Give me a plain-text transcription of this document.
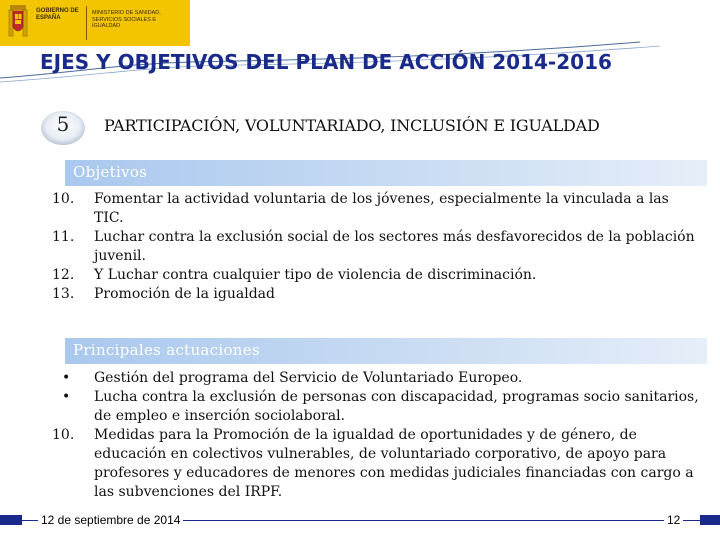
GOBIERNO DE ESPAÑA
MINISTERIO DE SANIDAD, SERVICIOS SOCIALES E IGUALDAD
EJES Y OBJETIVOS DEL PLAN DE ACCIÓN 2014-2016
5	PARTICIPACIÓN, VOLUNTARIADO, INCLUSIÓN E IGUALDAD
Objetivos
10.	Fomentar la actividad voluntaria de los jóvenes, especialmente la vinculada a las TIC.
11.	Luchar contra la exclusión social de los sectores más desfavorecidos de la población juvenil.
12.	Y Luchar contra cualquier tipo de violencia de discriminación.
13.	Promoción de la igualdad
Principales actuaciones
•	Gestión del programa del Servicio de Voluntariado Europeo.
•	Lucha contra la exclusión de personas con discapacidad, programas socio sanitarios, de empleo e inserción sociolaboral.
10.	Medidas para la Promoción de la igualdad de oportunidades y de género, de educación en colectivos vulnerables, de voluntariado corporativo, de apoyo para profesores y educadores de menores con medidas judiciales financiadas con cargo a las subvenciones del IRPF.
12 de septiembre de 2014	12
